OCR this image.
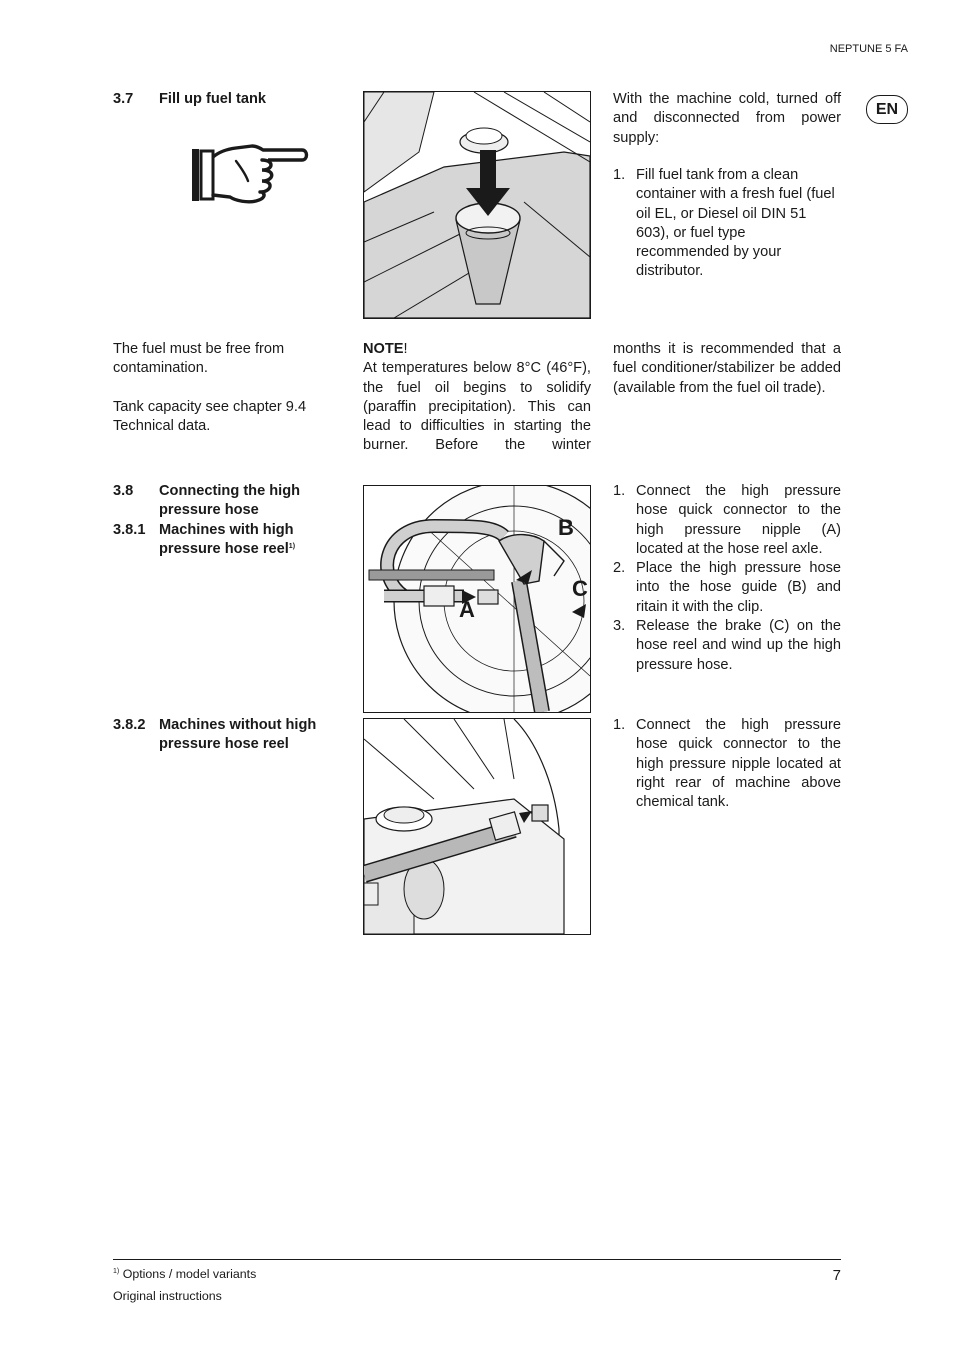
NEPTUNE 5 FA
EN
3.7 Fill up fuel tank	With the machine cold, turned off and disconnected from power supply:
1. Fill fuel tank from a clean container with a fresh fuel (fuel oil EL, or Diesel oil DIN 51 603), or fuel type recommended by your distributor.
The fuel must be free from contamination.
Tank capacity see chapter 9.4 Technical data.
NOTE!
At temperatures below 8°C (46°F), the fuel oil begins to solidify (paraffin precipitation). This can lead to difficulties in starting the burner. Before the winter
months it is recommended that a fuel conditioner/stabilizer be added (available from the fuel oil trade).
3.8 Connecting the high pressure hose
3.8.1 Machines with high pressure hose reel$^{1)}$
B
C
A
1. Connect the high pressure hose quick connector to the high pressure nipple (A) located at the hose reel axle.
2. Place the high pressure hose into the hose guide (B) and ritain it with the clip.
3. Release the brake (C) on the hose reel and wind up the high pressure hose.
3.8.2 Machines without high pressure hose reel
1. Connect the high pressure hose quick connector to the high pressure nipple located at right rear of machine above chemical tank.
$^{1)}$ Options / model variants
Original instructions
7
